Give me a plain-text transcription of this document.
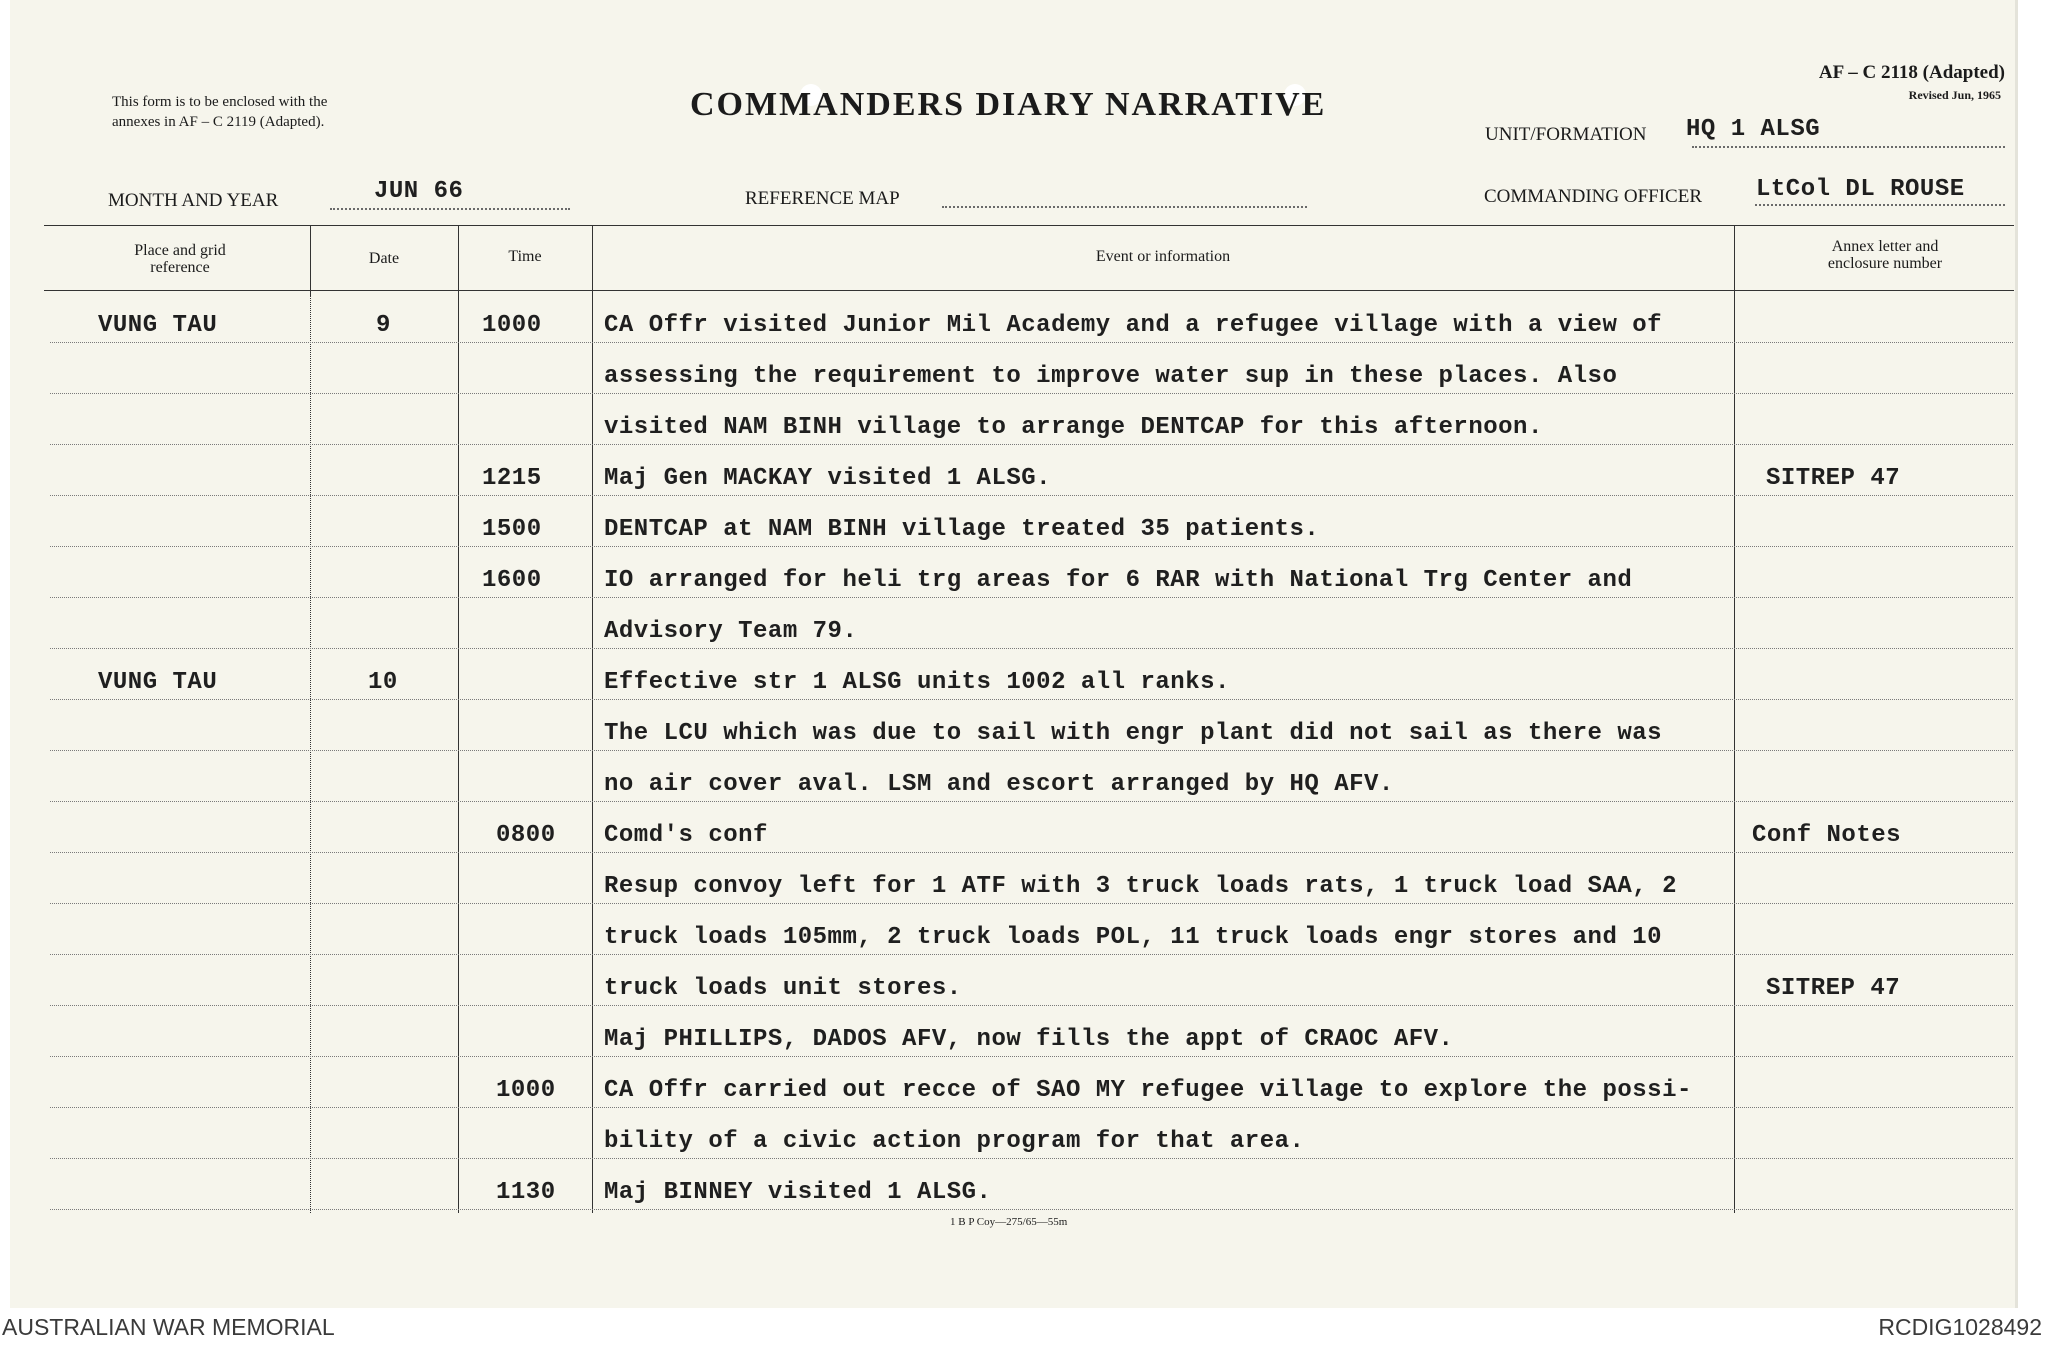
This form is to be enclosed with the
annexes in AF – C 2119 (Adapted).	COMMANDERS DIARY NARRATIVE
AF – C 2118 (Adapted)
Revised Jun, 1965
UNIT/FORMATION HQ 1 ALSG
MONTH AND YEAR	JUN 66	REFERENCE MAP	COMMANDING OFFICER LtCol DL ROUSE
Place and grid reference
Date	Time	Event or information
Annex letter and enclosure number
VUNG TAU	9	1000	CA Offr visited Junior Mil Academy and a refugee village with a view of
assessing the requirement to improve water sup in these places. Also
visited NAM BINH village to arrange DENTCAP for this afternoon.
1215	Maj Gen MACKAY visited 1 ALSG.	SITREP 47
1500	DENTCAP at NAM BINH village treated 35 patients.
1600	IO arranged for heli trg areas for 6 RAR with National Trg Center and
Advisory Team 79.
VUNG TAU	10	Effective str 1 ALSG units 1002 all ranks.
The LCU which was due to sail with engr plant did not sail as there was
no air cover aval. LSM and escort arranged by HQ AFV.
0800 Comd's conf	Conf Notes
Resup convoy left for 1 ATF with 3 truck loads rats, 1 truck load SAA, 2
truck loads 105mm, 2 truck loads POL, 11 truck loads engr stores and 10
truck loads unit stores.	SITREP 47
Maj PHILLIPS, DADOS AFV, now fills the appt of CRAOC AFV.
1000 CA Offr carried out recce of SAO MY refugee village to explore the possi-
bility of a civic action program for that area.
1130 Maj BINNEY visited 1 ALSG.
1 B P Coy—275/65—55m
AUSTRALIAN WAR MEMORIAL	RCDIG1028492
